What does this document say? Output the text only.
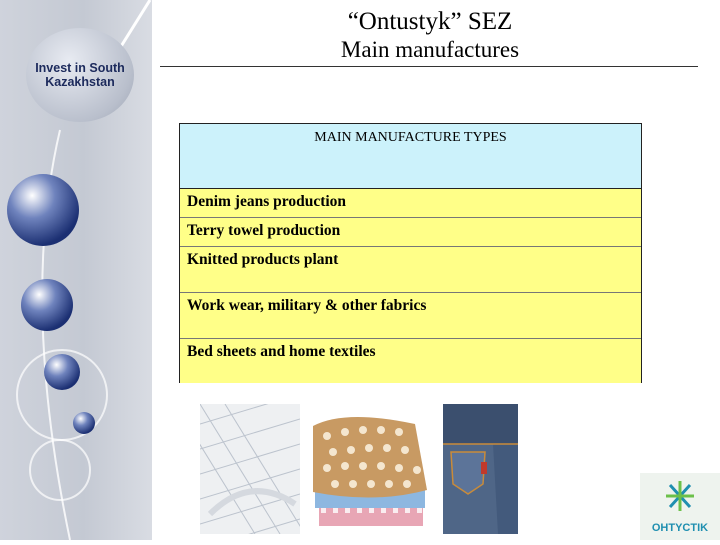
Invest in South Kazakhstan
“Ontustyk” SEZ
Main manufactures
MAIN MANUFACTURE TYPES
Denim jeans production
Terry towel production
Knitted products plant
Work wear, military & other fabrics
Bed sheets and home textiles
OHTYCTIK
